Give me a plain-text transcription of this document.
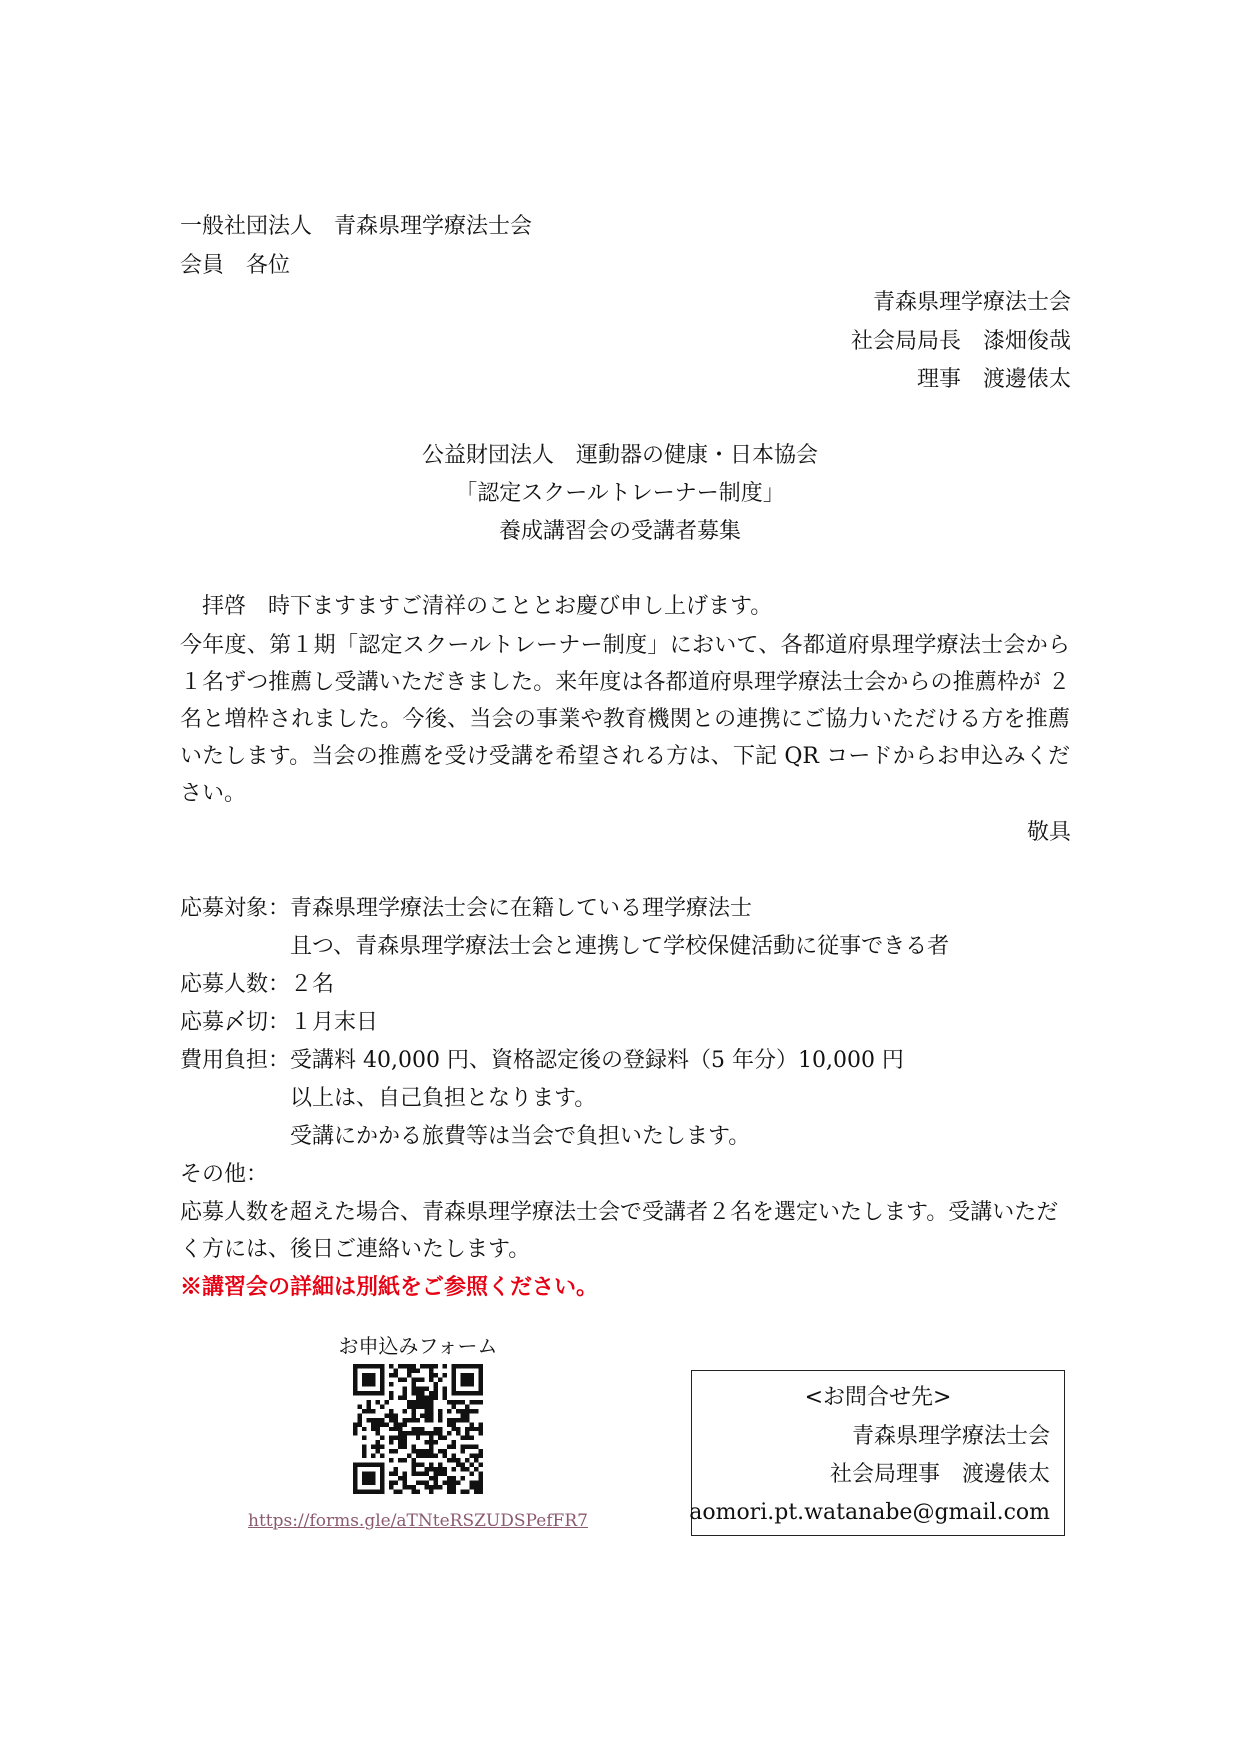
一般社団法人　青森県理学療法士会
会員　各位
青森県理学療法士会
社会局局長　漆畑俊哉
理事　渡邊俵太
公益財団法人　運動器の健康・日本協会
「認定スクールトレーナー制度」
養成講習会の受講者募集
　拝啓　時下ますますご清祥のこととお慶び申し上げます。
今年度、第１期「認定スクールトレーナー制度」において、各都道府県理学療法士会から１名ずつ推薦し受講いただきました。来年度は各都道府県理学療法士会からの推薦枠が ２ 名と増枠されました。今後、当会の事業や教育機関との連携にご協力いただける方を推薦いたします。当会の推薦を受け受講を希望される方は、下記 QR コードからお申込みください。
敬具
応募対象： 青森県理学療法士会に在籍している理学療法士
且つ、青森県理学療法士会と連携して学校保健活動に従事できる者
応募人数： ２名
応募〆切： １月末日
費用負担： 受講料 40,000 円、資格認定後の登録料（5 年分）10,000 円
以上は、自己負担となります。
受講にかかる旅費等は当会で負担いたします。
その他：
応募人数を超えた場合、青森県理学療法士会で受講者２名を選定いたします。受講いただく方には、後日ご連絡いたします。
※講習会の詳細は別紙をご参照ください。
お申込みフォーム
https://forms.gle/aTNteRSZUDSPefFR7
<お問合せ先>
青森県理学療法士会
社会局理事　渡邊俵太
aomori.pt.watanabe@gmail.com
